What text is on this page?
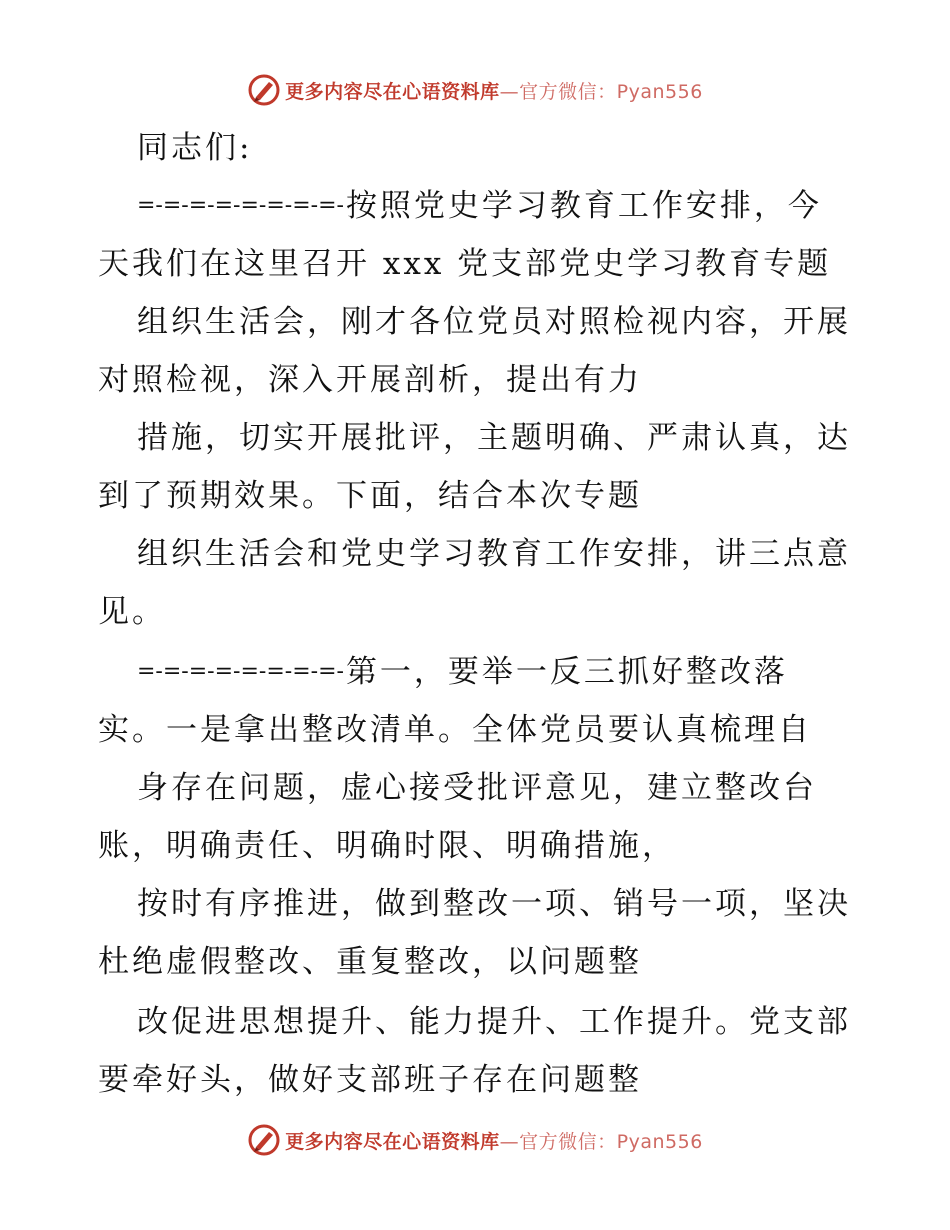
更多内容尽在心语资料库—官方微信：Pyan556
同志们:
=-=-=-=-=-=-=-=-按照党史学习教育工作安排，今
天我们在这里召开 xxx 党支部党史学习教育专题
组织生活会，刚才各位党员对照检视内容，开展
对照检视，深入开展剖析，提出有力
措施，切实开展批评，主题明确、严肃认真，达
到了预期效果。下面，结合本次专题
组织生活会和党史学习教育工作安排，讲三点意
见。
=-=-=-=-=-=-=-=-第一，要举一反三抓好整改落
实。一是拿出整改清单。全体党员要认真梳理自
身存在问题，虚心接受批评意见，建立整改台
账，明确责任、明确时限、明确措施，
按时有序推进，做到整改一项、销号一项，坚决
杜绝虚假整改、重复整改，以问题整
改促进思想提升、能力提升、工作提升。党支部
要牵好头，做好支部班子存在问题整
更多内容尽在心语资料库—官方微信：Pyan556
